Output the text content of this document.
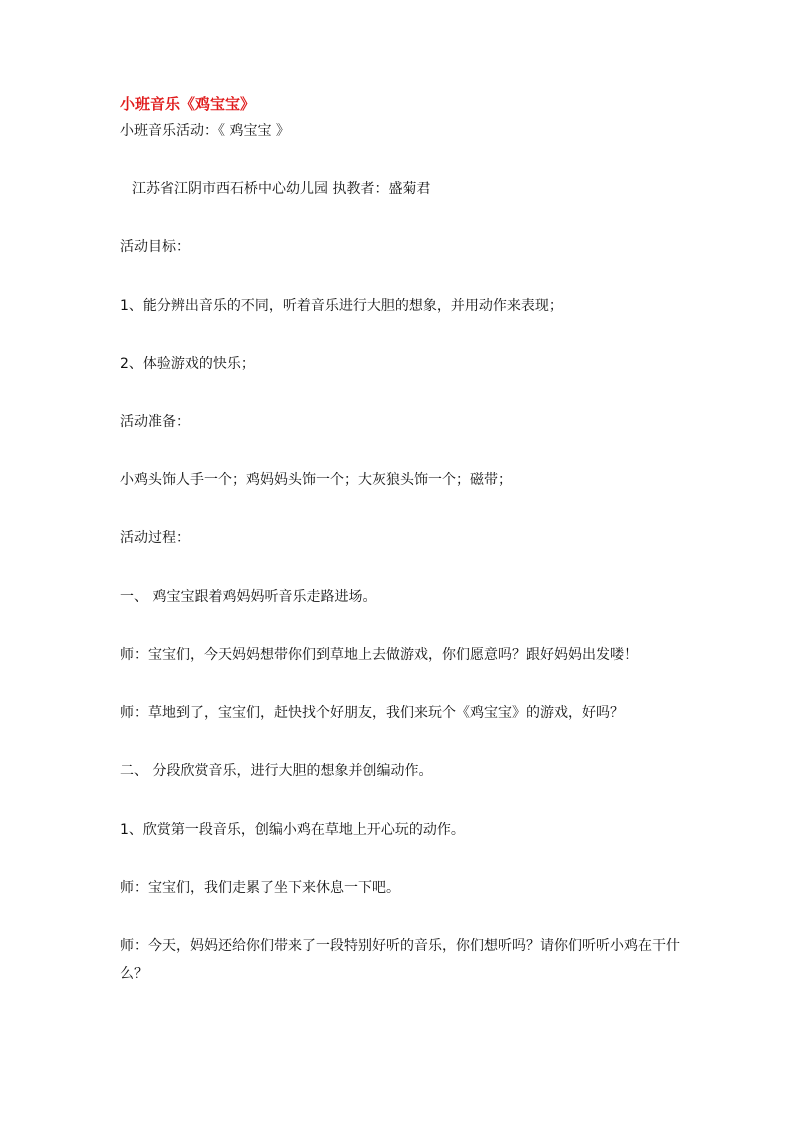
小班音乐《鸡宝宝》
小班音乐活动：《 鸡宝宝 》
江苏省江阴市西石桥中心幼儿园 执教者：盛菊君
活动目标：
1、能分辨出音乐的不同，听着音乐进行大胆的想象，并用动作来表现；
2、体验游戏的快乐；
活动准备：
小鸡头饰人手一个；鸡妈妈头饰一个；大灰狼头饰一个；磁带；
活动过程：
一、 鸡宝宝跟着鸡妈妈听音乐走路进场。
师：宝宝们，今天妈妈想带你们到草地上去做游戏，你们愿意吗？跟好妈妈出发喽！
师：草地到了，宝宝们，赶快找个好朋友，我们来玩个《鸡宝宝》的游戏，好吗？
二、 分段欣赏音乐，进行大胆的想象并创编动作。
1、欣赏第一段音乐，创编小鸡在草地上开心玩的动作。
师：宝宝们，我们走累了坐下来休息一下吧。
师：今天，妈妈还给你们带来了一段特别好听的音乐，你们想听吗？请你们听听小鸡在干什么？
